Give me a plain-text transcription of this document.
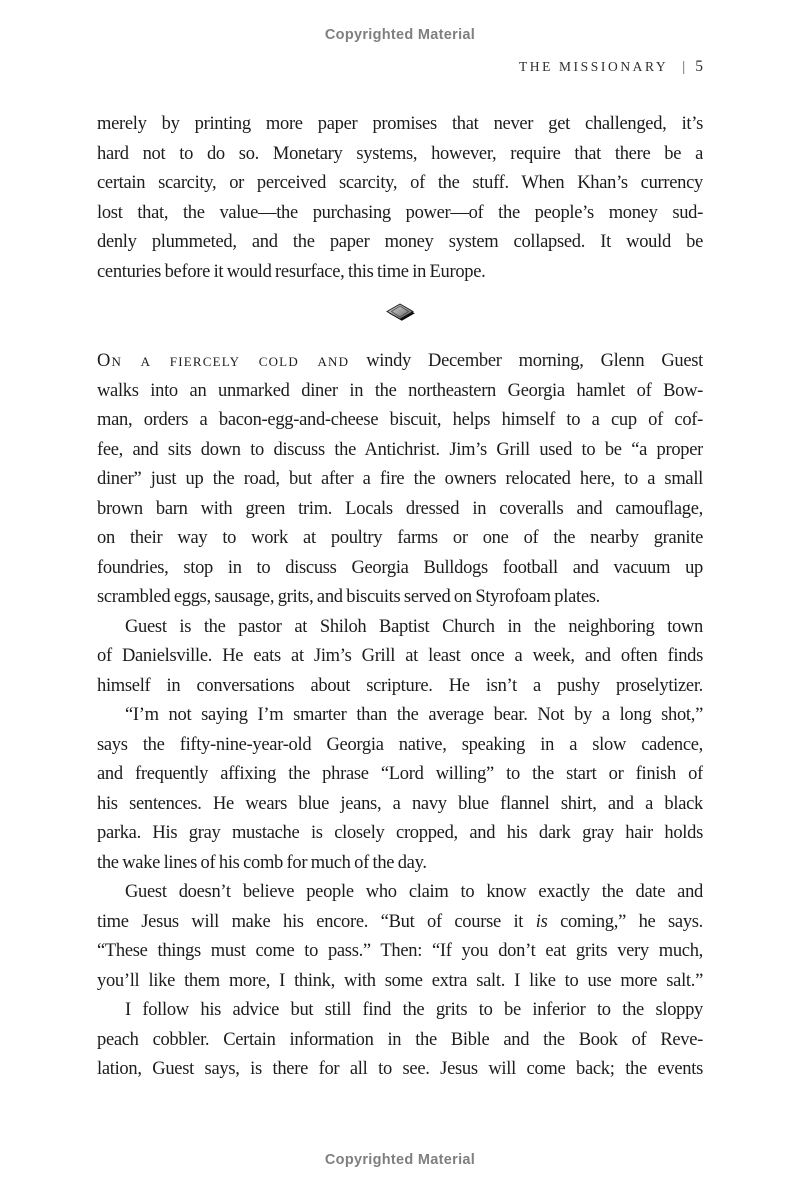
Copyrighted Material
THE MISSIONARY | 5
merely by printing more paper promises that never get challenged, it’s
hard not to do so. Monetary systems, however, require that there be a
certain scarcity, or perceived scarcity, of the stuff. When Khan’s currency
lost that, the value—the purchasing power—of the people’s money sud-
denly plummeted, and the paper money system collapsed. It would be
centuries before it would resurface, this time in Europe.
On a fiercely cold and windy December morning, Glenn Guest
walks into an unmarked diner in the northeastern Georgia hamlet of Bow-
man, orders a bacon-egg-and-cheese biscuit, helps himself to a cup of cof-
fee, and sits down to discuss the Antichrist. Jim’s Grill used to be “a proper
diner” just up the road, but after a fire the owners relocated here, to a small
brown barn with green trim. Locals dressed in coveralls and camouflage,
on their way to work at poultry farms or one of the nearby granite
foundries, stop in to discuss Georgia Bulldogs football and vacuum up
scrambled eggs, sausage, grits, and biscuits served on Styrofoam plates.
Guest is the pastor at Shiloh Baptist Church in the neighboring town
of Danielsville. He eats at Jim’s Grill at least once a week, and often finds
himself in conversations about scripture. He isn’t a pushy proselytizer.
“I’m not saying I’m smarter than the average bear. Not by a long shot,”
says the fifty-nine-year-old Georgia native, speaking in a slow cadence,
and frequently affixing the phrase “Lord willing” to the start or finish of
his sentences. He wears blue jeans, a navy blue flannel shirt, and a black
parka. His gray mustache is closely cropped, and his dark gray hair holds
the wake lines of his comb for much of the day.
Guest doesn’t believe people who claim to know exactly the date and
time Jesus will make his encore. “But of course it is coming,” he says.
“These things must come to pass.” Then: “If you don’t eat grits very much,
you’ll like them more, I think, with some extra salt. I like to use more salt.”
I follow his advice but still find the grits to be inferior to the sloppy
peach cobbler. Certain information in the Bible and the Book of Reve-
lation, Guest says, is there for all to see. Jesus will come back; the events
Copyrighted Material
